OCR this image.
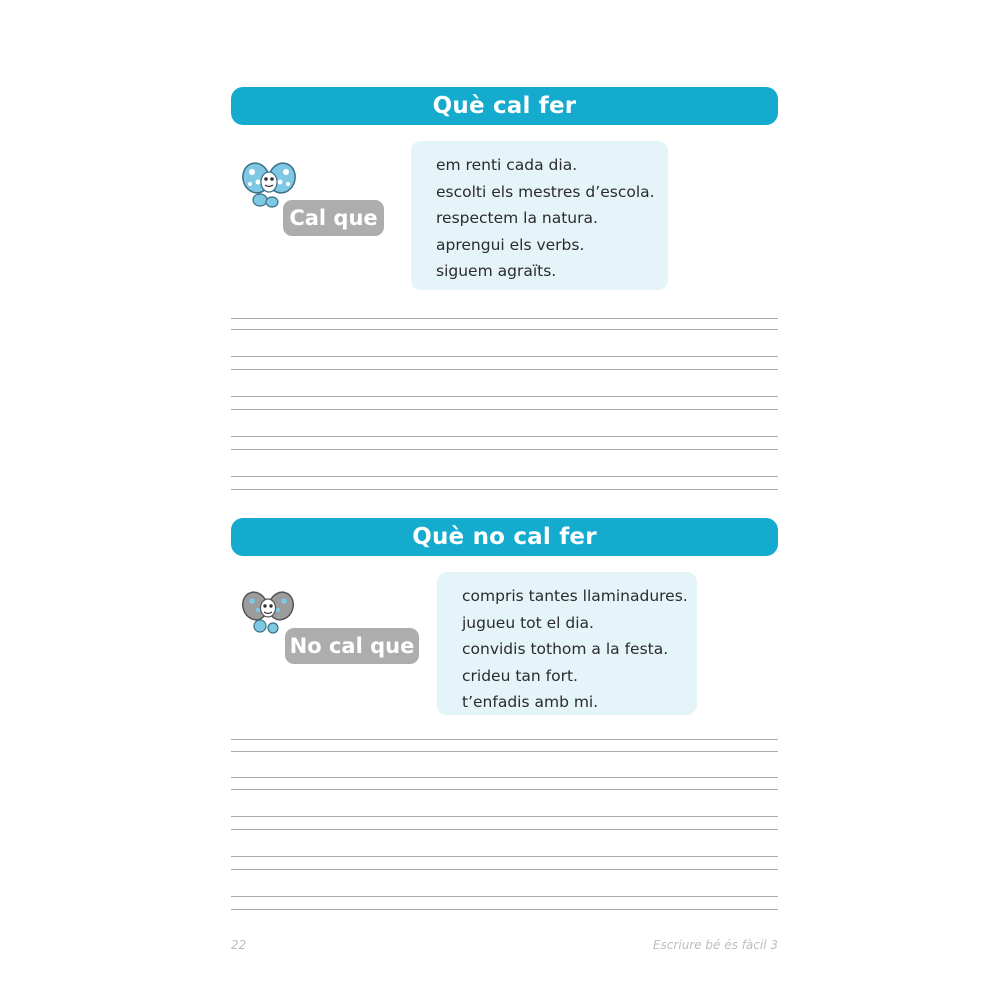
Què cal fer
Cal que
em renti cada dia.
escolti els mestres d’escola.
respectem la natura.
aprengui els verbs.
siguem agraïts.
Què no cal fer
No cal que
compris tantes llaminadures.
jugueu tot el dia.
convidis tothom a la festa.
crideu tan fort.
t’enfadis amb mi.
22	Escriure bé és fàcil 3
